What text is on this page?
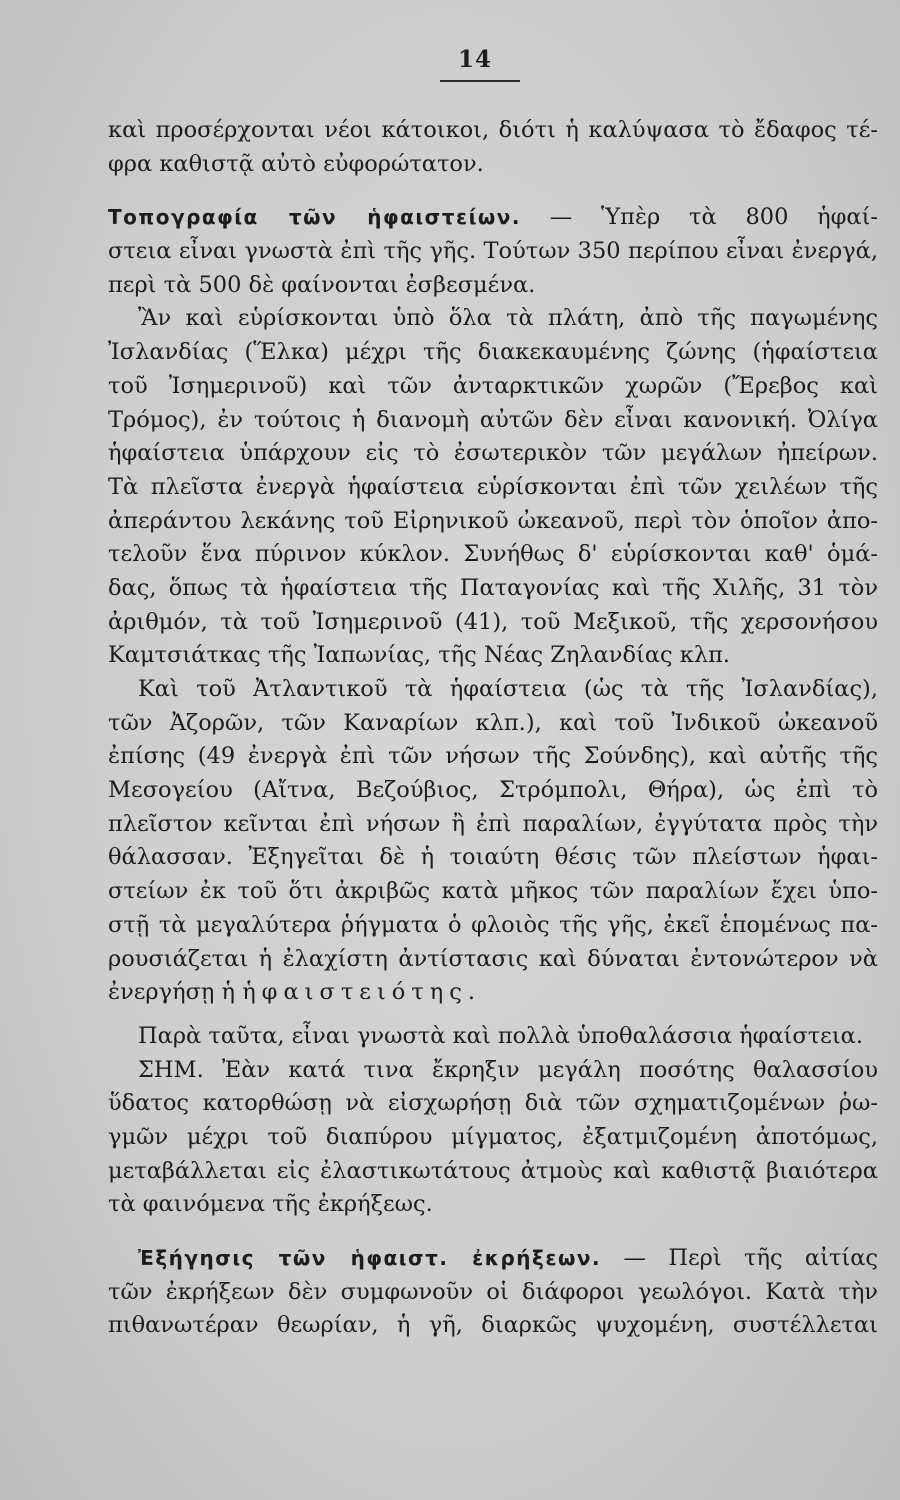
14
καὶ προσέρχονται νέοι κάτοικοι, διότι ἡ καλύψασα τὸ ἔδαφος τέ-
φρα καθιστᾷ αὐτὸ εὐφορώτατον.
Τοπογραφία τῶν ἡφαιστείων. — Ὑπὲρ τὰ 800 ἡφαί-
στεια εἶναι γνωστὰ ἐπὶ τῆς γῆς. Τούτων 350 περίπου εἶναι ἐνεργά,
περὶ τὰ 500 δὲ φαίνονται ἐσβεσμένα.
Ἂν καὶ εὑρίσκονται ὑπὸ ὅλα τὰ πλάτη, ἀπὸ τῆς παγωμένης
Ἰσλανδίας (Ἕλκα) μέχρι τῆς διακεκαυμένης ζώνης (ἡφαίστεια
τοῦ Ἰσημερινοῦ) καὶ τῶν ἀνταρκτικῶν χωρῶν (Ἔρεβος καὶ
Τρόμος), ἐν τούτοις ἡ διανομὴ αὐτῶν δὲν εἶναι κανονική. Ὀλίγα
ἡφαίστεια ὑπάρχουν εἰς τὸ ἐσωτερικὸν τῶν μεγάλων ἠπείρων.
Τὰ πλεῖστα ἐνεργὰ ἡφαίστεια εὑρίσκονται ἐπὶ τῶν χειλέων τῆς
ἀπεράντου λεκάνης τοῦ Εἰρηνικοῦ ὠκεανοῦ, περὶ τὸν ὁποῖον ἀπο-
τελοῦν ἕνα πύρινον κύκλον. Συνήθως δ' εὑρίσκονται καθ' ὁμά-
δας, ὅπως τὰ ἡφαίστεια τῆς Παταγονίας καὶ τῆς Χιλῆς, 31 τὸν
ἀριθμόν, τὰ τοῦ Ἰσημερινοῦ (41), τοῦ Μεξικοῦ, τῆς χερσονήσου
Καμτσιάτκας τῆς Ἰαπωνίας, τῆς Νέας Ζηλανδίας κλπ.
Καὶ τοῦ Ἀτλαντικοῦ τὰ ἡφαίστεια (ὡς τὰ τῆς Ἰσλανδίας),
τῶν Ἀζορῶν, τῶν Καναρίων κλπ.), καὶ τοῦ Ἰνδικοῦ ὠκεανοῦ
ἐπίσης (49 ἐνεργὰ ἐπὶ τῶν νήσων τῆς Σούνδης), καὶ αὐτῆς τῆς
Μεσογείου (Αἴτνα, Βεζούβιος, Στρόμπολι, Θήρα), ὡς ἐπὶ τὸ
πλεῖστον κεῖνται ἐπὶ νήσων ἢ ἐπὶ παραλίων, ἐγγύτατα πρὸς τὴν
θάλασσαν. Ἐξηγεῖται δὲ ἡ τοιαύτη θέσις τῶν πλείστων ἡφαι-
στείων ἐκ τοῦ ὅτι ἀκριβῶς κατὰ μῆκος τῶν παραλίων ἔχει ὑπο-
στῇ τὰ μεγαλύτερα ῥήγματα ὁ φλοιὸς τῆς γῆς, ἐκεῖ ἑπομένως πα-
ρουσιάζεται ἡ ἐλαχίστη ἀντίστασις καὶ δύναται ἐντονώτερον νὰ
ἐνεργήσῃ ἡ ἡφαιστειότης.
Παρὰ ταῦτα, εἶναι γνωστὰ καὶ πολλὰ ὑποθαλάσσια ἡφαίστεια.
ΣΗΜ. Ἐὰν κατά τινα ἔκρηξιν μεγάλη ποσότης θαλασσίου
ὕδατος κατορθώσῃ νὰ εἰσχωρήσῃ διὰ τῶν σχηματιζομένων ῥω-
γμῶν μέχρι τοῦ διαπύρου μίγματος, ἐξατμιζομένη ἀποτόμως,
μεταβάλλεται εἰς ἐλαστικωτάτους ἀτμοὺς καὶ καθιστᾷ βιαιότερα
τὰ φαινόμενα τῆς ἐκρήξεως.
Ἐξήγησις τῶν ἡφαιστ. ἐκρήξεων. — Περὶ τῆς αἰτίας
τῶν ἐκρήξεων δὲν συμφωνοῦν οἱ διάφοροι γεωλόγοι. Κατὰ τὴν
πιθανωτέραν θεωρίαν, ἡ γῆ, διαρκῶς ψυχομένη, συστέλλεται
